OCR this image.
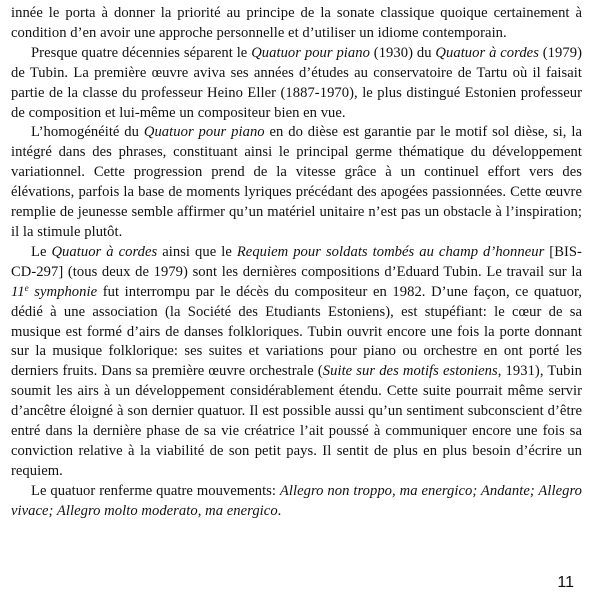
innée le porta à donner la priorité au principe de la sonate classique quoique certainement à condition d’en avoir une approche personnelle et d’utiliser un idiome contemporain.

Presque quatre décennies séparent le Quatuor pour piano (1930) du Quatuor à cordes (1979) de Tubin. La première œuvre aviva ses années d’études au conservatoire de Tartu où il faisait partie de la classe du professeur Heino Eller (1887-1970), le plus distingué Estonien professeur de composition et lui-même un compositeur bien en vue.

L’homogénéité du Quatuor pour piano en do dièse est garantie par le motif sol dièse, si, la intégré dans des phrases, constituant ainsi le principal germe thématique du développement variationnel. Cette progression prend de la vitesse grâce à un continuel effort vers des élévations, parfois la base de moments lyriques précédant des apogées passionnées. Cette œuvre remplie de jeunesse semble affirmer qu’un matériel unitaire n’est pas un obstacle à l’inspiration; il la stimule plutôt.

Le Quatuor à cordes ainsi que le Requiem pour soldats tombés au champ d’honneur [BIS-CD-297] (tous deux de 1979) sont les dernières compositions d’Eduard Tubin. Le travail sur la 11e symphonie fut interrompu par le décès du compositeur en 1982. D’une façon, ce quatuor, dédié à une association (la Société des Etudiants Estoniens), est stupéfiant: le cœur de sa musique est formé d’airs de danses folkloriques. Tubin ouvrit encore une fois la porte donnant sur la musique folklorique: ses suites et variations pour piano ou orchestre en ont porté les derniers fruits. Dans sa première œuvre orchestrale (Suite sur des motifs estoniens, 1931), Tubin soumit les airs à un développement considérablement étendu. Cette suite pourrait même servir d’ancêtre éloigné à son dernier quatuor. Il est possible aussi qu’un sentiment subconscient d’être entré dans la dernière phase de sa vie créatrice l’ait poussé à communiquer encore une fois sa conviction relative à la viabilité de son petit pays. Il sentit de plus en plus besoin d’écrire un requiem.

Le quatuor renferme quatre mouvements: Allegro non troppo, ma energico; Andante; Allegro vivace; Allegro molto moderato, ma energico.

11
